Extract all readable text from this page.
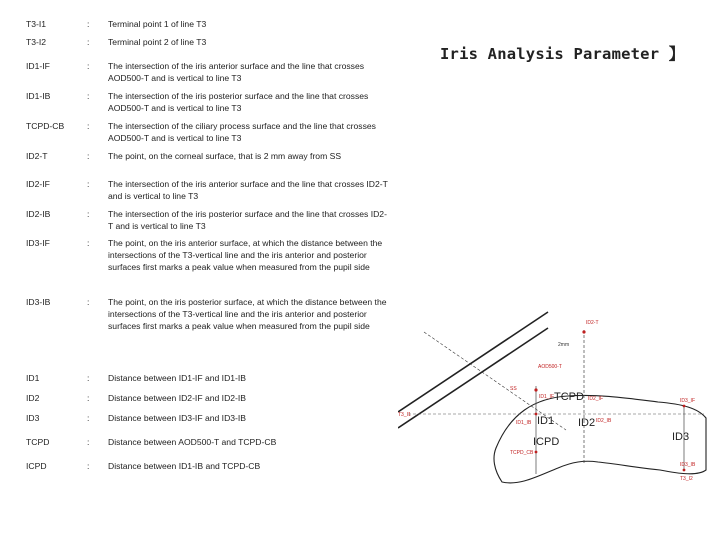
T3-I1	: Terminal point 1 of line T3
T3-I2	: Terminal point 2 of line T3
ID1-IF	: The intersection of the iris anterior surface and the line that crosses AOD500-T and is vertical to line T3
ID1-IB	: The intersection of the iris posterior surface and the line that crosses AOD500-T and is vertical to line T3
TCPD-CB	: The intersection of the ciliary process surface and the line that crosses AOD500-T and is vertical to line T3
ID2-T	: The point, on the corneal surface, that is 2 mm away from SS
ID2-IF	: The intersection of the iris anterior surface and the line that crosses ID2-T and is vertical to line T3
ID2-IB	: The intersection of the iris posterior surface and the line that crosses ID2-T and is vertical to line T3
ID3-IF	: The point, on the iris anterior surface, at which the distance between the intersections of the T3-vertical line and the iris anterior and posterior surfaces first marks a peak value when measured from the pupil side
ID3-IB	: The point, on the iris posterior surface, at which the distance between the intersections of the T3-vertical line and the iris anterior and posterior surfaces first marks a peak value when measured from the pupil side
ID1	: Distance between ID1-IF and ID1-IB
ID2	: Distance between ID2-IF and ID2-IB
ID3	: Distance between ID3-IF and ID3-IB
TCPD	: Distance between AOD500-T and TCPD-CB
ICPD	: Distance between ID1-IB and TCPD-CB
Iris Analysis Parameter 】
ID2-T
2mm
AOD500-T
SS
T3_I1
ID1_IF TCPD ID2_IF	ID3_IF
ID1_IB ID1
ICPD
ID2 ID2_IB
ID3
TCPD_CB
ID3_IB
T3_I2
